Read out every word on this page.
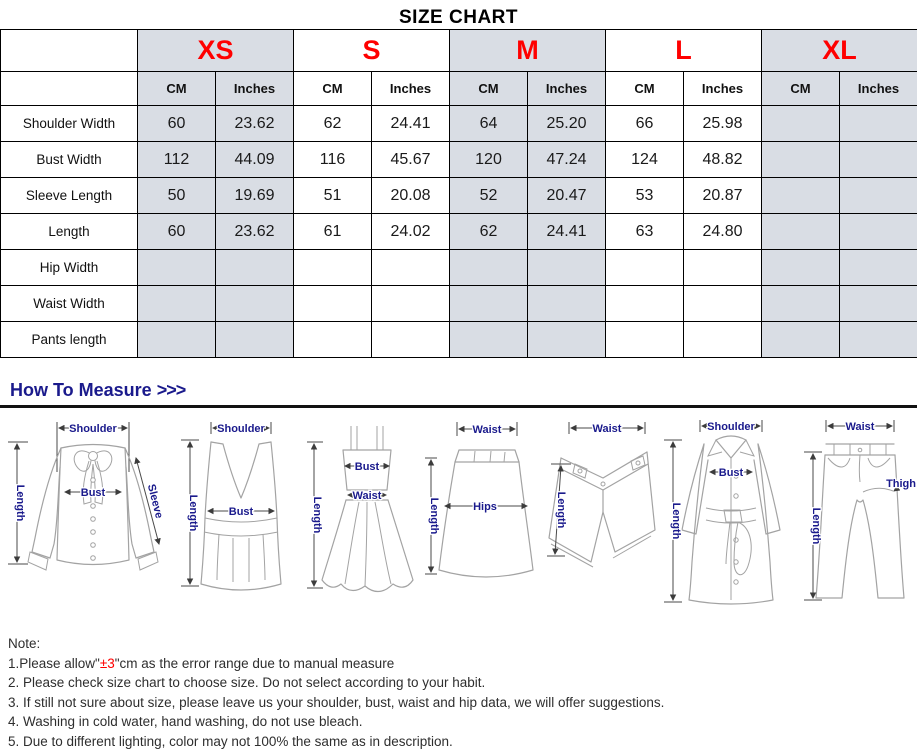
SIZE CHART
	XS		S		M		L		XL	
	CM	Inches	CM	Inches	CM	Inches	CM	Inches	CM	Inches
Shoulder Width	60	23.62	62	24.41	64	25.20	66	25.98		
Bust Width	112	44.09	116	45.67	120	47.24	124	48.82		
Sleeve Length	50	19.69	51	20.08	52	20.47	53	20.87		
Length	60	23.62	61	24.02	62	24.41	63	24.80		
Hip Width										
Waist Width										
Pants length										
How To Measure >>>
Shoulder
Bust	Sleeve
Length
Shoulder
Bust
Length
Bust
Waist
Length
Waist
Hips
Length
Waist
Length
Shoulder
Bust
Length
Waist
Thigh
Length
Note:
1.Please allow"±3"cm as the error range due to manual measure
2. Please check size chart to choose size. Do not select according to your habit.
3. If still not sure about size, please leave us your shoulder, bust, waist and hip data, we will offer suggestions.
4. Washing in cold water, hand washing, do not use bleach.
5. Due to different lighting, color may not 100% the same as in description.
